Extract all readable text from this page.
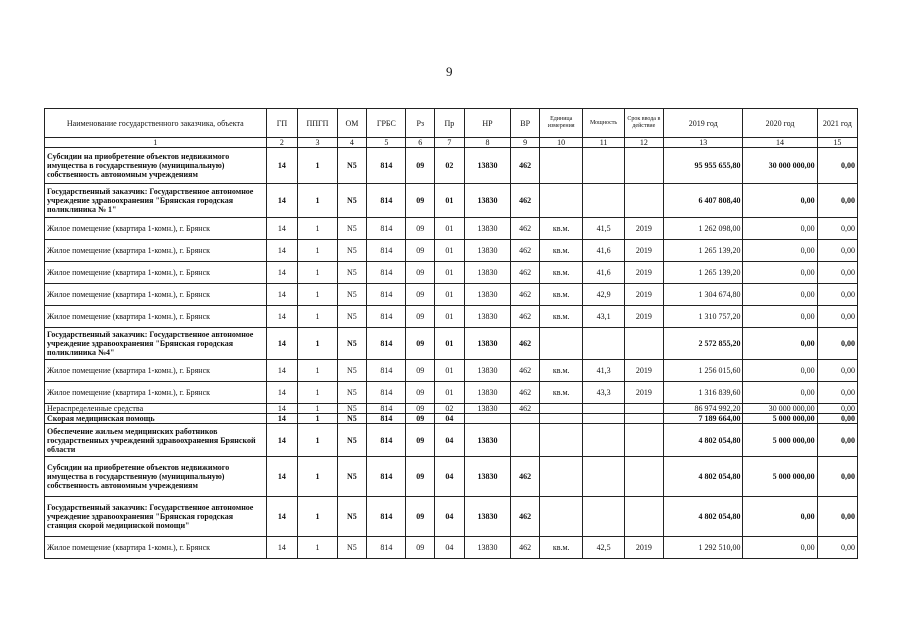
9
Наименование государственного заказчика, объекта	ГП	ППГП	ОМ	ГРБС	Рз	Пр	НР	ВР	Единица измерения	Мощность	Срок ввода в действие	2019 год	2020 год	2021 год
1	2	3	4	5	6	7	8	9	10	11	12	13	14	15
Субсидии на приобретение объектов недвижимого имущества в государственную (муниципальную) собственность автономным учреждениям	14	1	N5	814	09	02	13830	462				95 955 655,80	30 000 000,00	0,00
Государственный заказчик: Государственное автономное учреждение здравоохранения "Брянская городская поликлиника № 1"	14	1	N5	814	09	01	13830	462				6 407 808,40	0,00	0,00
Жилое помещение (квартира 1-комн.), г. Брянск	14	1	N5	814	09	01	13830	462	кв.м.	41,5	2019	1 262 098,00	0,00	0,00
Жилое помещение (квартира 1-комн.), г. Брянск	14	1	N5	814	09	01	13830	462	кв.м.	41,6	2019	1 265 139,20	0,00	0,00
Жилое помещение (квартира 1-комн.), г. Брянск	14	1	N5	814	09	01	13830	462	кв.м.	41,6	2019	1 265 139,20	0,00	0,00
Жилое помещение (квартира 1-комн.), г. Брянск	14	1	N5	814	09	01	13830	462	кв.м.	42,9	2019	1 304 674,80	0,00	0,00
Жилое помещение (квартира 1-комн.), г. Брянск	14	1	N5	814	09	01	13830	462	кв.м.	43,1	2019	1 310 757,20	0,00	0,00
Государственный заказчик: Государственное автономное учреждение здравоохранения "Брянская городская поликлиника №4"	14	1	N5	814	09	01	13830	462				2 572 855,20	0,00	0,00
Жилое помещение (квартира 1-комн.), г. Брянск	14	1	N5	814	09	01	13830	462	кв.м.	41,3	2019	1 256 015,60	0,00	0,00
Жилое помещение (квартира 1-комн.), г. Брянск	14	1	N5	814	09	01	13830	462	кв.м.	43,3	2019	1 316 839,60	0,00	0,00
Нераспределенные средства	14	1	N5	814	09	02	13830	462				86 974 992,20	30 000 000,00	0,00
Скорая медицинская помощь	14	1	N5	814	09	04						7 189 664,00	5 000 000,00	0,00
Обеспечение жильем медицинских работников государственных учреждений здравоохранения Брянской области	14	1	N5	814	09	04	13830					4 802 054,80	5 000 000,00	0,00
Субсидии на приобретение объектов недвижимого имущества в государственную (муниципальную) собственность автономным учреждениям	14	1	N5	814	09	04	13830	462				4 802 054,80	5 000 000,00	0,00
Государственный заказчик: Государственное автономное учреждение здравоохранения "Брянская городская станция скорой медицинской помощи"	14	1	N5	814	09	04	13830	462				4 802 054,80	0,00	0,00
Жилое помещение (квартира 1-комн.), г. Брянск	14	1	N5	814	09	04	13830	462	кв.м.	42,5	2019	1 292 510,00	0,00	0,00
